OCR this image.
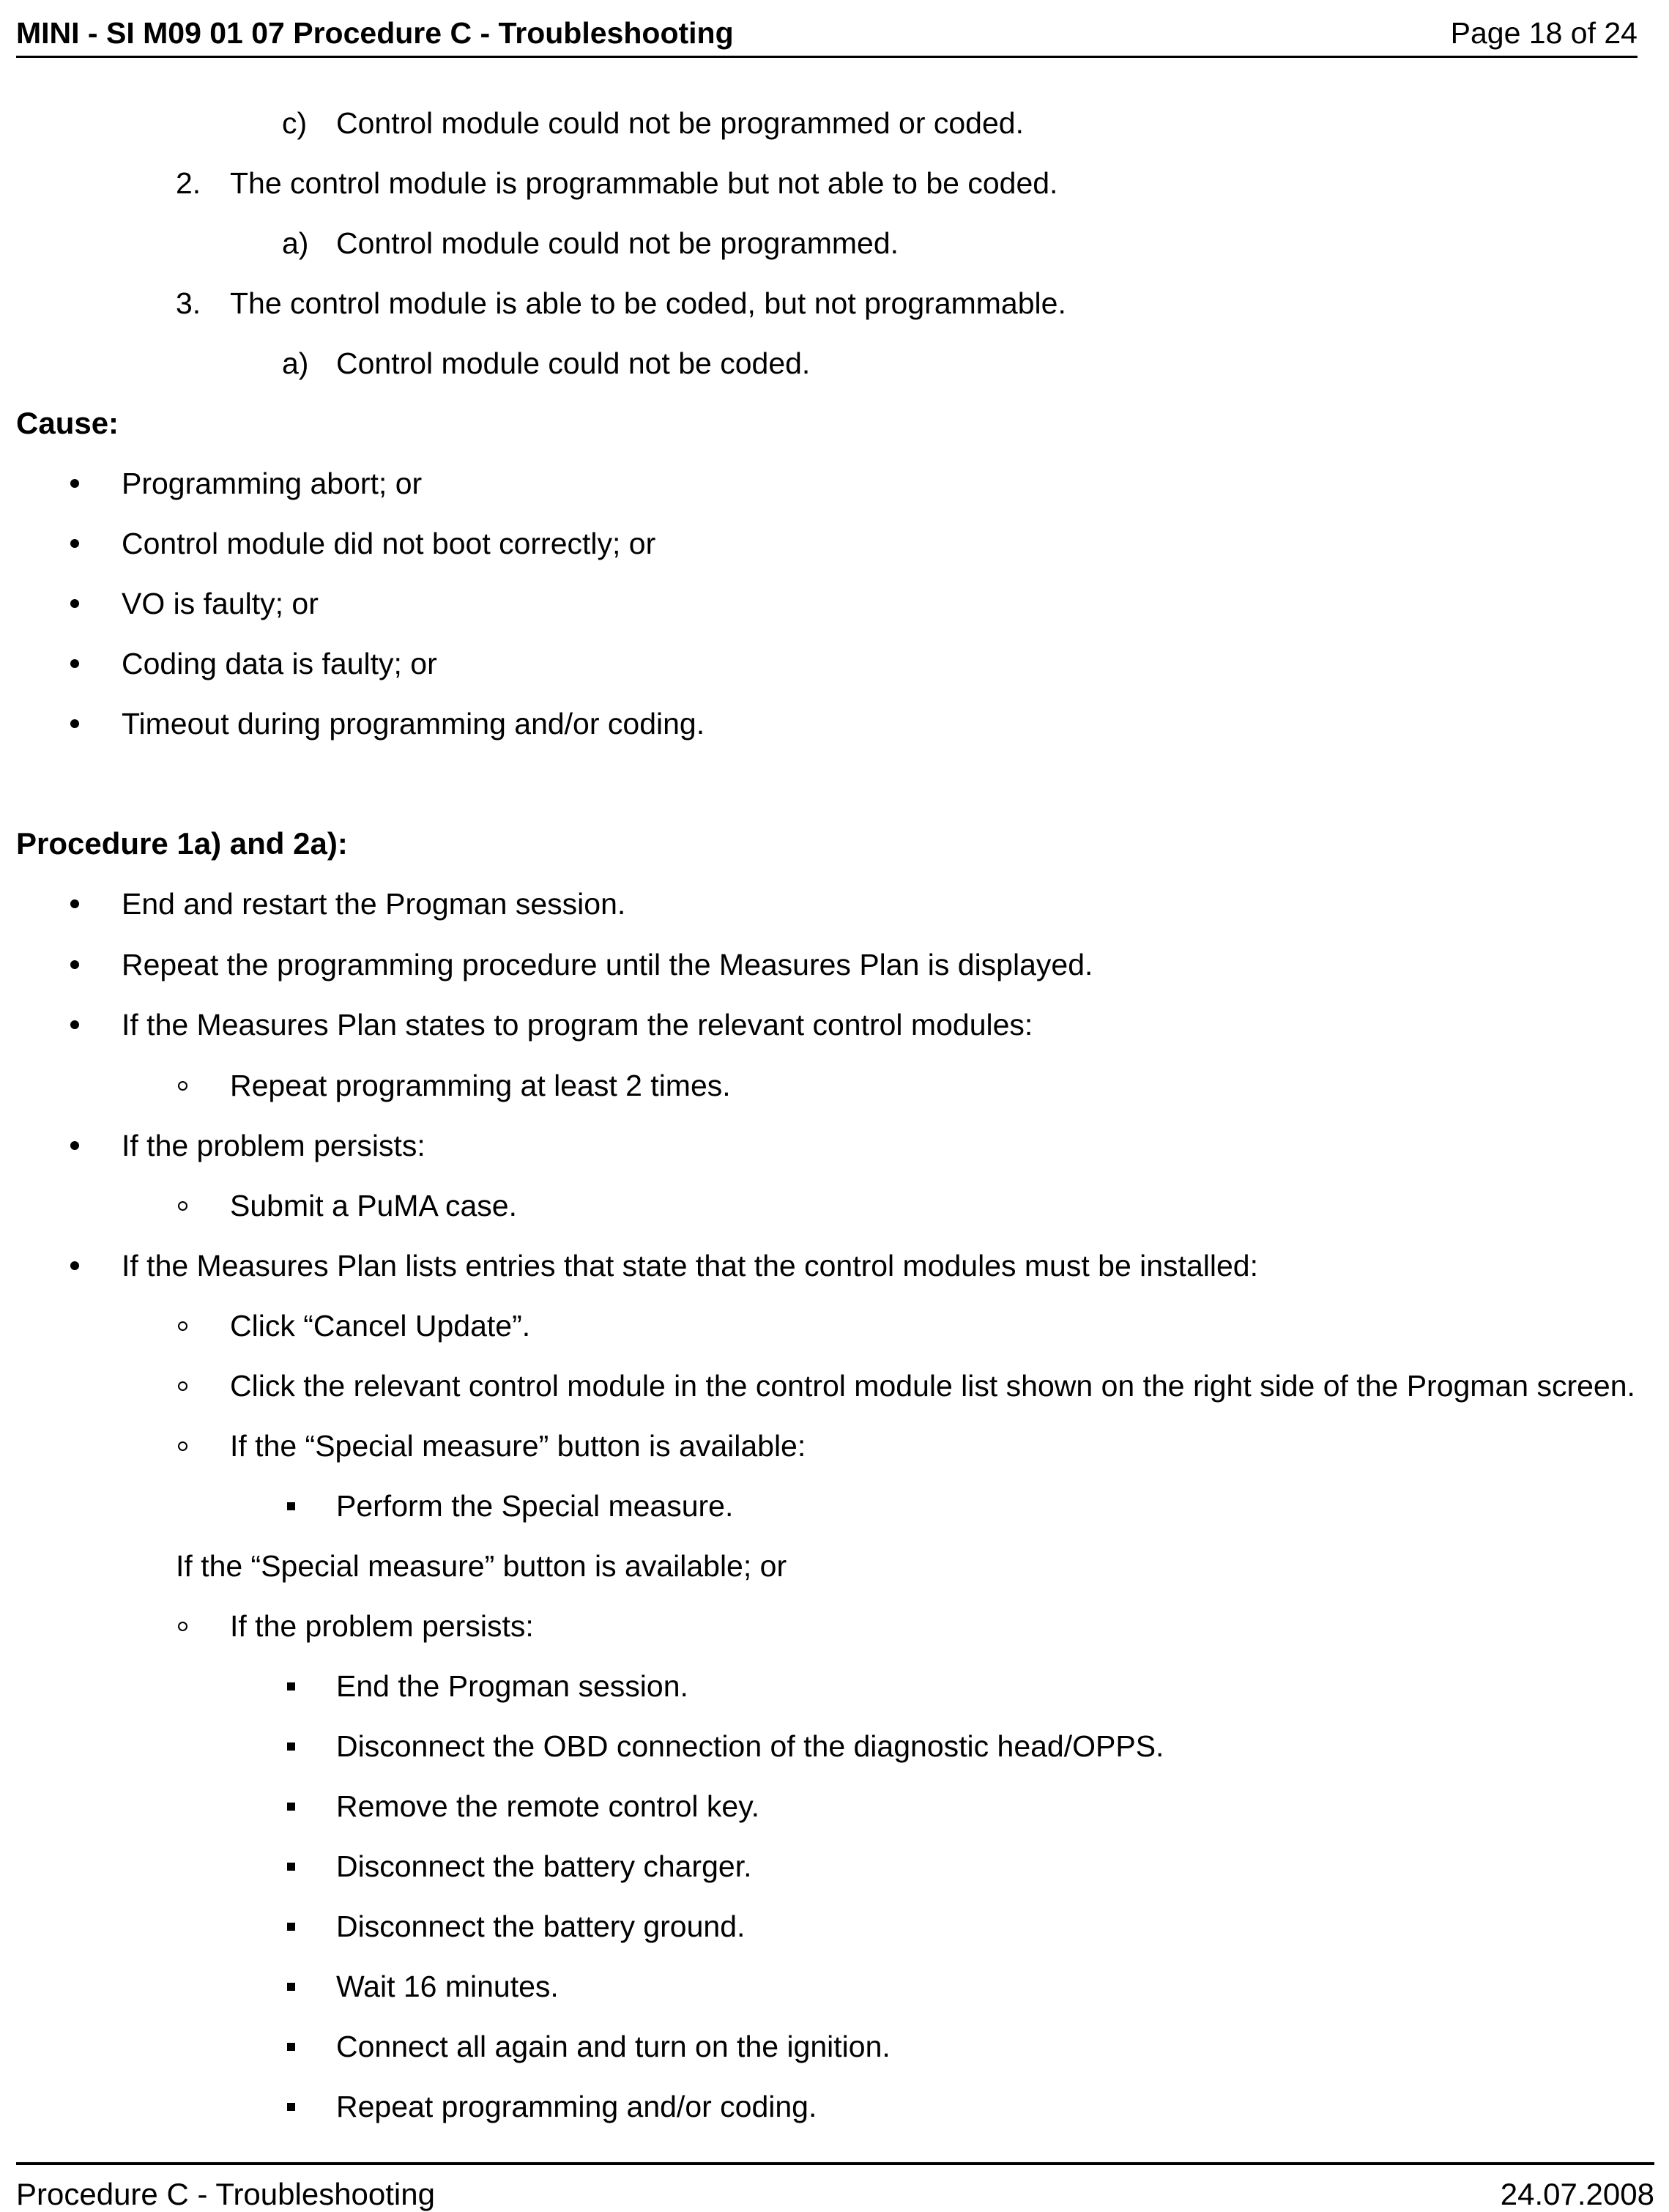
MINI - SI M09 01 07 Procedure C - Troubleshooting	Page 18 of 24
c) Control module could not be programmed or coded.
2. The control module is programmable but not able to be coded.
a) Control module could not be programmed.
3. The control module is able to be coded, but not programmable.
a) Control module could not be coded.
Cause:
Programming abort; or
Control module did not boot correctly; or
VO is faulty; or
Coding data is faulty; or
Timeout during programming and/or coding.
Procedure 1a) and 2a):
End and restart the Progman session.
Repeat the programming procedure until the Measures Plan is displayed.
If the Measures Plan states to program the relevant control modules:
Repeat programming at least 2 times.
If the problem persists:
Submit a PuMA case.
If the Measures Plan lists entries that state that the control modules must be installed:
Click “Cancel Update”.
Click the relevant control module in the control module list shown on the right side of the Progman screen.
If the “Special measure” button is available:
Perform the Special measure.
If the “Special measure” button is available; or
If the problem persists:
End the Progman session.
Disconnect the OBD connection of the diagnostic head/OPPS.
Remove the remote control key.
Disconnect the battery charger.
Disconnect the battery ground.
Wait 16 minutes.
Connect all again and turn on the ignition.
Repeat programming and/or coding.
Procedure C - Troubleshooting	24.07.2008
